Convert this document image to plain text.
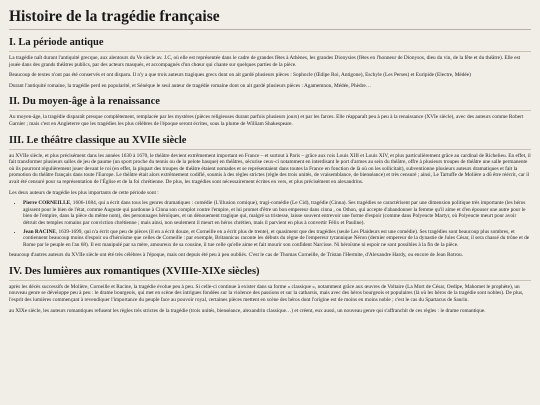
Histoire de la tragédie française
I. La période antique

La tragédie naît durant l'antiquité grecque, aux alentours du Ve siècle av. J.C, où elle est représentée dans le cadre de grandes fêtes à Athènes, les grandes Dionysies (fêtes en l'honneur de Dionysos, dieu du vin, de la fête et du théâtre). Elle est jouée dans des grands théâtres publics, par des acteurs masqués, et accompagnés d'un chœur qui chante sur quelques parties de la pièce.

Beaucoup de textes n'ont pas été conservés et ont disparu. Il n'y a que trois auteurs tragiques grecs dont on ait gardé plusieurs pièces : Sophocle (Œdipe Roi, Antigone), Eschyle (Les Perses) et Euripide (Electre, Médée)

Durant l'antiquité romaine, la tragédie perd en popularité, et Sénèque le seul auteur de tragédie romaine dont on ait gardé plusieurs pièces : Agamemnon, Médée, Phèdre…

II. Du moyen-âge à la renaissance

Au moyen-âge, la tragédie disparaît presque complètement, remplacée par les mystères (pièces religieuses durant parfois plusieurs jours) et par les farces. Elle réapparaît peu à peu à la renaissance (XVIe siècle), avec des auteurs comme Robert Garnier ; mais c'est en Angleterre que les tragédies les plus célèbres de l'époque seront écrites, sous la plume de William Shakespeare.

III. Le théâtre classique au XVIIe siècle

au XVIIe siècle, et plus précisément dans les années 1630 à 1670, le théâtre devient extrêmement important en France – et surtout à Paris – grâce aux rois Louis XIII et Louis XIV, et plus particulièrement grâce au cardinal de Richelieu. En effet, il fait transformer plusieurs salles de jeu de paume (un sport proche du tennis ou de la pelote basque) en théâtres, sécurise ceux-ci notamment en interdisant le port d'armes au sein du théâtre, offre à plusieurs troupes de théâtre une salle permanente où ils pourront régulièrement jouer devant le roi (en effet, la plupart des troupes de théâtre étaient nomades et se représentaient dans toutes la France en fonction de là où on les sollicitait), subventionne plusieurs auteurs dramatiques et fait la promotion du théâtre français dans toute l'Europe. Le théâtre était alors extrêmement codifié, soumis à des règles strictes (règle des trois unités, de vraisemblance, de bienséance) et très censuré ; ainsi, Le Tartuffe de Molière a dû être réécrit, car il avait été censuré pour sa représentation de l'Église et de la foi chrétienne. De plus, les tragédies sont nécessairement écrites en vers, et plus précisément en alexandrins.

Les deux auteurs de tragédie les plus importants de cette période sont :

• Pierre CORNEILLE, 1606-1684, qui a écrit dans tous les genres dramatiques : comédie (L'illusion comique), tragi-comédie (Le Cid), tragédie (Cinna). Ses tragédies se caractérisent par une dimension politique très importante (les héros agissent pour le bien de l'état, comme Auguste qui pardonne à Cinna son complot contre l'empire, et lui promet d'être un bon empereur dans cinna , ou Othon, qui accepte d'abandonner la femme qu'il aime et d'en épouser une autre pour le bien de l'empire, dans la pièce du même nom), des personnages héroïques, et un dénouement tragique qui, malgré sa tristesse, laisse souvent entrevoir une forme d'espoir (comme dans Polyeucte Martyr, où Polyeucte meurt pour avoir détruit des temples romains par conviction chrétienne ; mais ainsi, non seulement il meurt en héros chrétien, mais il parvient en plus à convertir Félix et Pauline).
• Jean RACINE, 1639-1699, qui n'a écrit que peu de pièces (il en a écrit douze, et Corneille en a écrit plus de trente), et quasiment que des tragédies (seule Les Plaideurs est une comédie). Ses tragédies sont beaucoup plus sombres, et contiennent beaucoup moins d'espoir ou d'héroïsme que celles de Corneille : par exemple, Britannicus raconte les débuts du règne de l'empereur tyrannique Néron (dernier empereur de la dynastie de Jules César, il sera chassé du trône et de Rome par le peuple en l'an 68). Il est manipulé par sa mère, amoureux de sa cousine, il tue celle qu'elle aime et fait mourir son confident Narcisse. Ni héroïsme ni espoir ne sont possibles à la fin de la pièce.

beaucoup d'autres auteurs du XVIIe siècle ont été très célèbres à l'époque, mais ont depuis été peu à peu oubliés. C'est le cas de Thomas Corneille, de Tristan l'Hermite, d'Alexandre Hardy, ou encore de Jean Rotrou.

IV. Des lumières aux romantiques (XVIIIe-XIXe siècles)

après les décès successifs de Molière, Corneille et Racine, la tragédie évolue peu à peu. Si celle-ci continue à exister dans sa forme « classique », notamment grâce aux œuvres de Voltaire (La Mort de César, Oedipe, Mahomet le prophète), un nouveau genre se développe peu à peu : le drame bourgeois, qui met en scène des intrigues fondées sur la violence des passions et sur la catharsis, mais avec des héros bourgeois et populaires (là où les héros de la tragédie sont nobles). De plus, l'esprit des lumières commençant à revendiquer l'importance du peuple face au pouvoir royal, certaines pièces mettent en scène des héros dont l'origine est de moins en moins noble ; c'est le cas du Spartacus de Saurin.

au XIXe siècle, les auteurs romantiques refusent les règles très strictes de la tragédie (trois unités, bienséance, alexandrin classique…) et créent, eux aussi, un nouveau genre qui s'affranchit de ces règles : le drame romantique.
